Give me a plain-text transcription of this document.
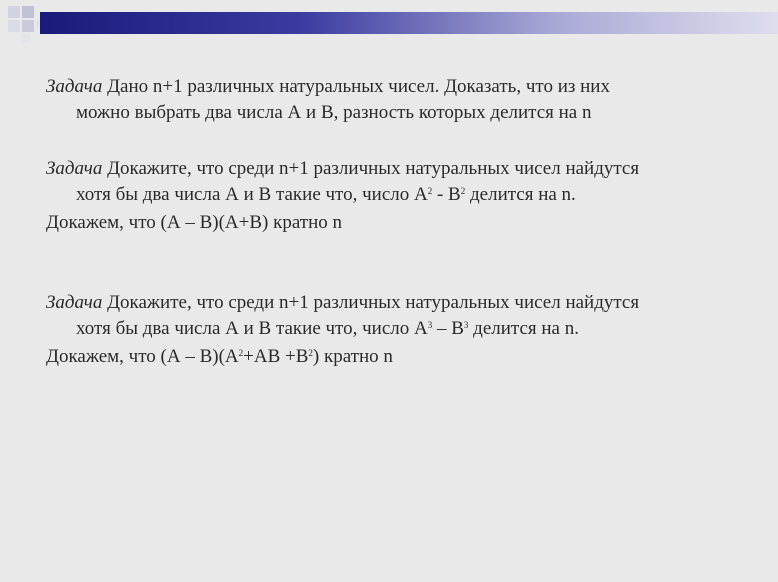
Задача Дано n+1 различных натуральных чисел. Доказать, что из них
можно выбрать два числа А и В, разность которых делится на n
Задача Докажите, что среди n+1 различных натуральных чисел найдутся
хотя бы два числа А и В такие что, число $А^2 - В^2$ делится на n.
Докажем, что (А – В)(А+В) кратно n
Задача Докажите, что среди n+1 различных натуральных чисел найдутся
хотя бы два числа А и В такие что, число $А^3 - В^3$ делится на n.
Докажем, что $(А - В)(А^2+АВ +В^2)$ кратно n
